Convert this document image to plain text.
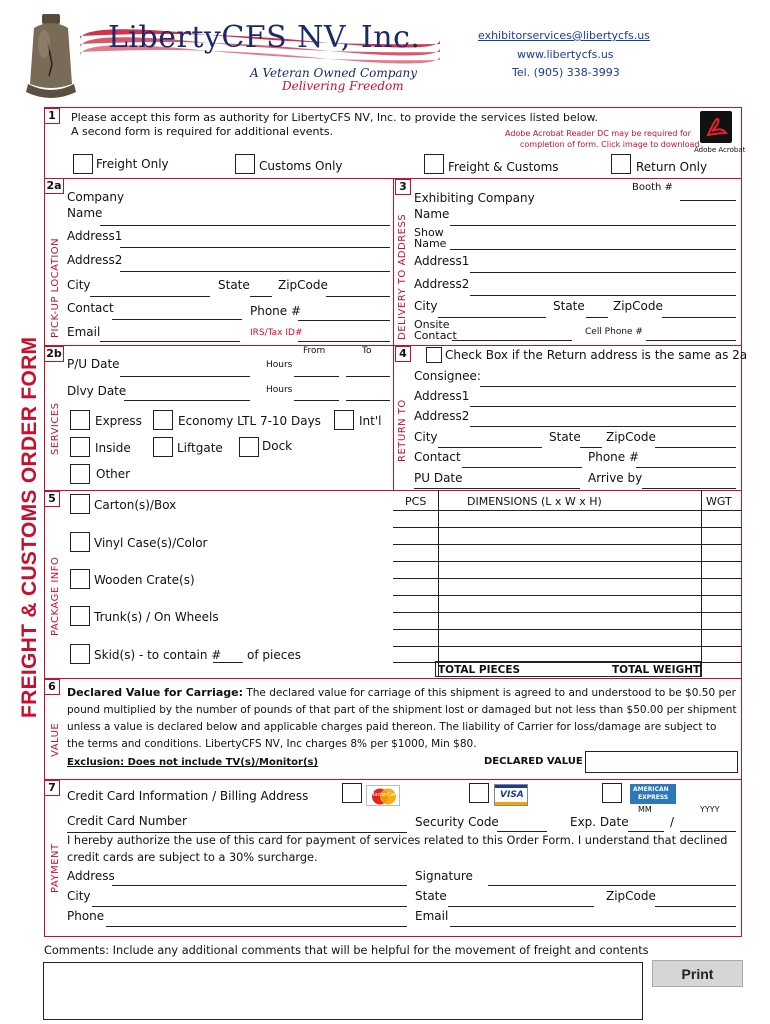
LibertyCFS NV, Inc.
A Veteran Owned Company
Delivering Freedom
exhibitorservices@libertycfs.us
www.libertycfs.us
Tel. (905) 338-3993
FREIGHT & CUSTOMS ORDER FORM
1	Please accept this form as authority for LibertyCFS NV, Inc. to provide the services listed below.
A second form is required for additional events.	Adobe Acrobat Reader DC may be required for
completion of form. Click image to download
Adobe Acrobat
Freight Only	Customs Only	Freight & Customs	Return Only
2a
PICK-UP LOCATION
Company
Name
Address1
Address2
City	State ZipCode
Contact	Phone #
Email	IRS/Tax ID#
3
DELIVERY TO ADDRESS
Booth #
Exhibiting Company
Name
Show
Name
Address1
Address2
City	State ZipCode
Onsite
Contact	Cell Phone #
2b
SERVICES
From	To
P/U Date	Hours
Dlvy Date	Hours
Express	Economy LTL 7-10 Days	Int'l
Inside	Liftgate	Dock
Other
4
RETURN TO
Check Box if the Return address is the same as 2a
Consignee:
Address1
Address2
City	State ZipCode
Contact	Phone #
PU Date	Arrive by
5
PACKAGE INFO
Carton(s)/Box
Vinyl Case(s)/Color
Wooden Crate(s)
Trunk(s) / On Wheels
Skid(s) - to contain # of pieces
PCS	DIMENSIONS (L x W x H)	WGT
TOTAL PIECES	TOTAL WEIGHT
6
VALUE
Declared Value for Carriage: The declared value for carriage of this shipment is agreed to and understood to be $0.50 per
pound multiplied by the number of pounds of that part of the shipment lost or damaged but not less than $50.00 per shipment
unless a value is declared below and applicable charges paid thereon. The liability of Carrier for loss/damage are subject to
the terms and conditions. LibertyCFS NV, Inc charges 8% per $1000, Min $80.
Exclusion: Does not include TV(s)/Monitor(s)	DECLARED VALUE
7
PAYMENT
Credit Card Information / Billing Address	MasterCard	VISA
AMERICAN
EXPRESS
MM	YYYY
Credit Card Number	Security Code	Exp. Date	/
I hereby authorize the use of this card for payment of services related to this Order Form. I understand that declined
credit cards are subject to a 30% surcharge.
Address	Signature
City	State	ZipCode
Phone	Email
Comments: Include any additional comments that will be helpful for the movement of freight and contents
Print
